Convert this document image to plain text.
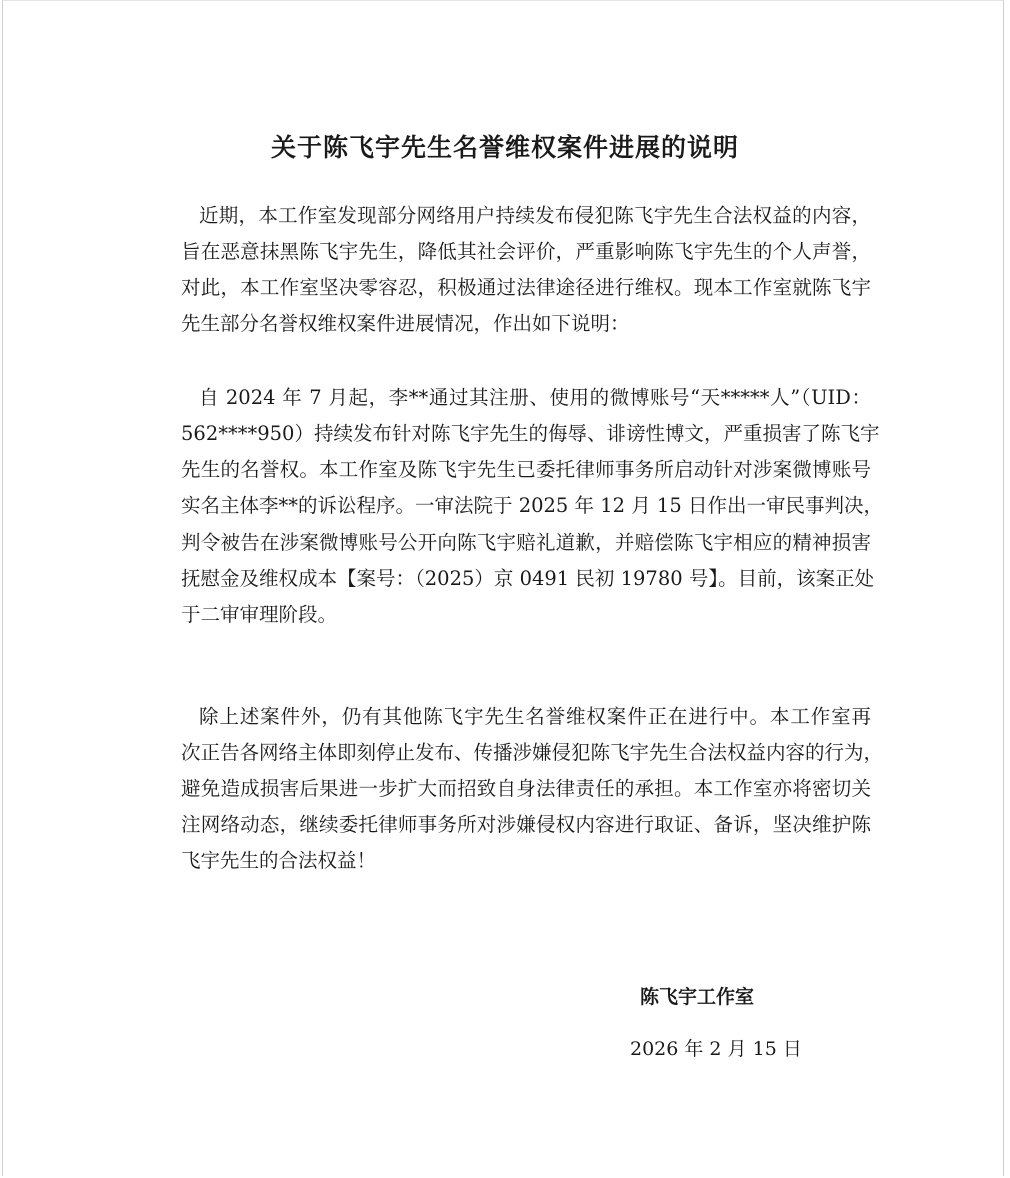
关于陈飞宇先生名誉维权案件进展的说明
近期，本工作室发现部分网络用户持续发布侵犯陈飞宇先生合法权益的内容，
旨在恶意抹黑陈飞宇先生，降低其社会评价，严重影响陈飞宇先生的个人声誉，
对此，本工作室坚决零容忍，积极通过法律途径进行维权。现本工作室就陈飞宇
先生部分名誉权维权案件进展情况，作出如下说明：
自 2024 年 7 月起，李**通过其注册、使用的微博账号“天*****人”（UID：
562****950）持续发布针对陈飞宇先生的侮辱、诽谤性博文，严重损害了陈飞宇
先生的名誉权。本工作室及陈飞宇先生已委托律师事务所启动针对涉案微博账号
实名主体李**的诉讼程序。一审法院于 2025 年 12 月 15 日作出一审民事判决，
判令被告在涉案微博账号公开向陈飞宇赔礼道歉，并赔偿陈飞宇相应的精神损害
抚慰金及维权成本【案号：（2025）京 0491 民初 19780 号】。目前，该案正处
于二审审理阶段。
除上述案件外，仍有其他陈飞宇先生名誉维权案件正在进行中。本工作室再
次正告各网络主体即刻停止发布、传播涉嫌侵犯陈飞宇先生合法权益内容的行为，
避免造成损害后果进一步扩大而招致自身法律责任的承担。本工作室亦将密切关
注网络动态，继续委托律师事务所对涉嫌侵权内容进行取证、备诉，坚决维护陈
飞宇先生的合法权益！
陈飞宇工作室
2026 年 2 月 15 日
